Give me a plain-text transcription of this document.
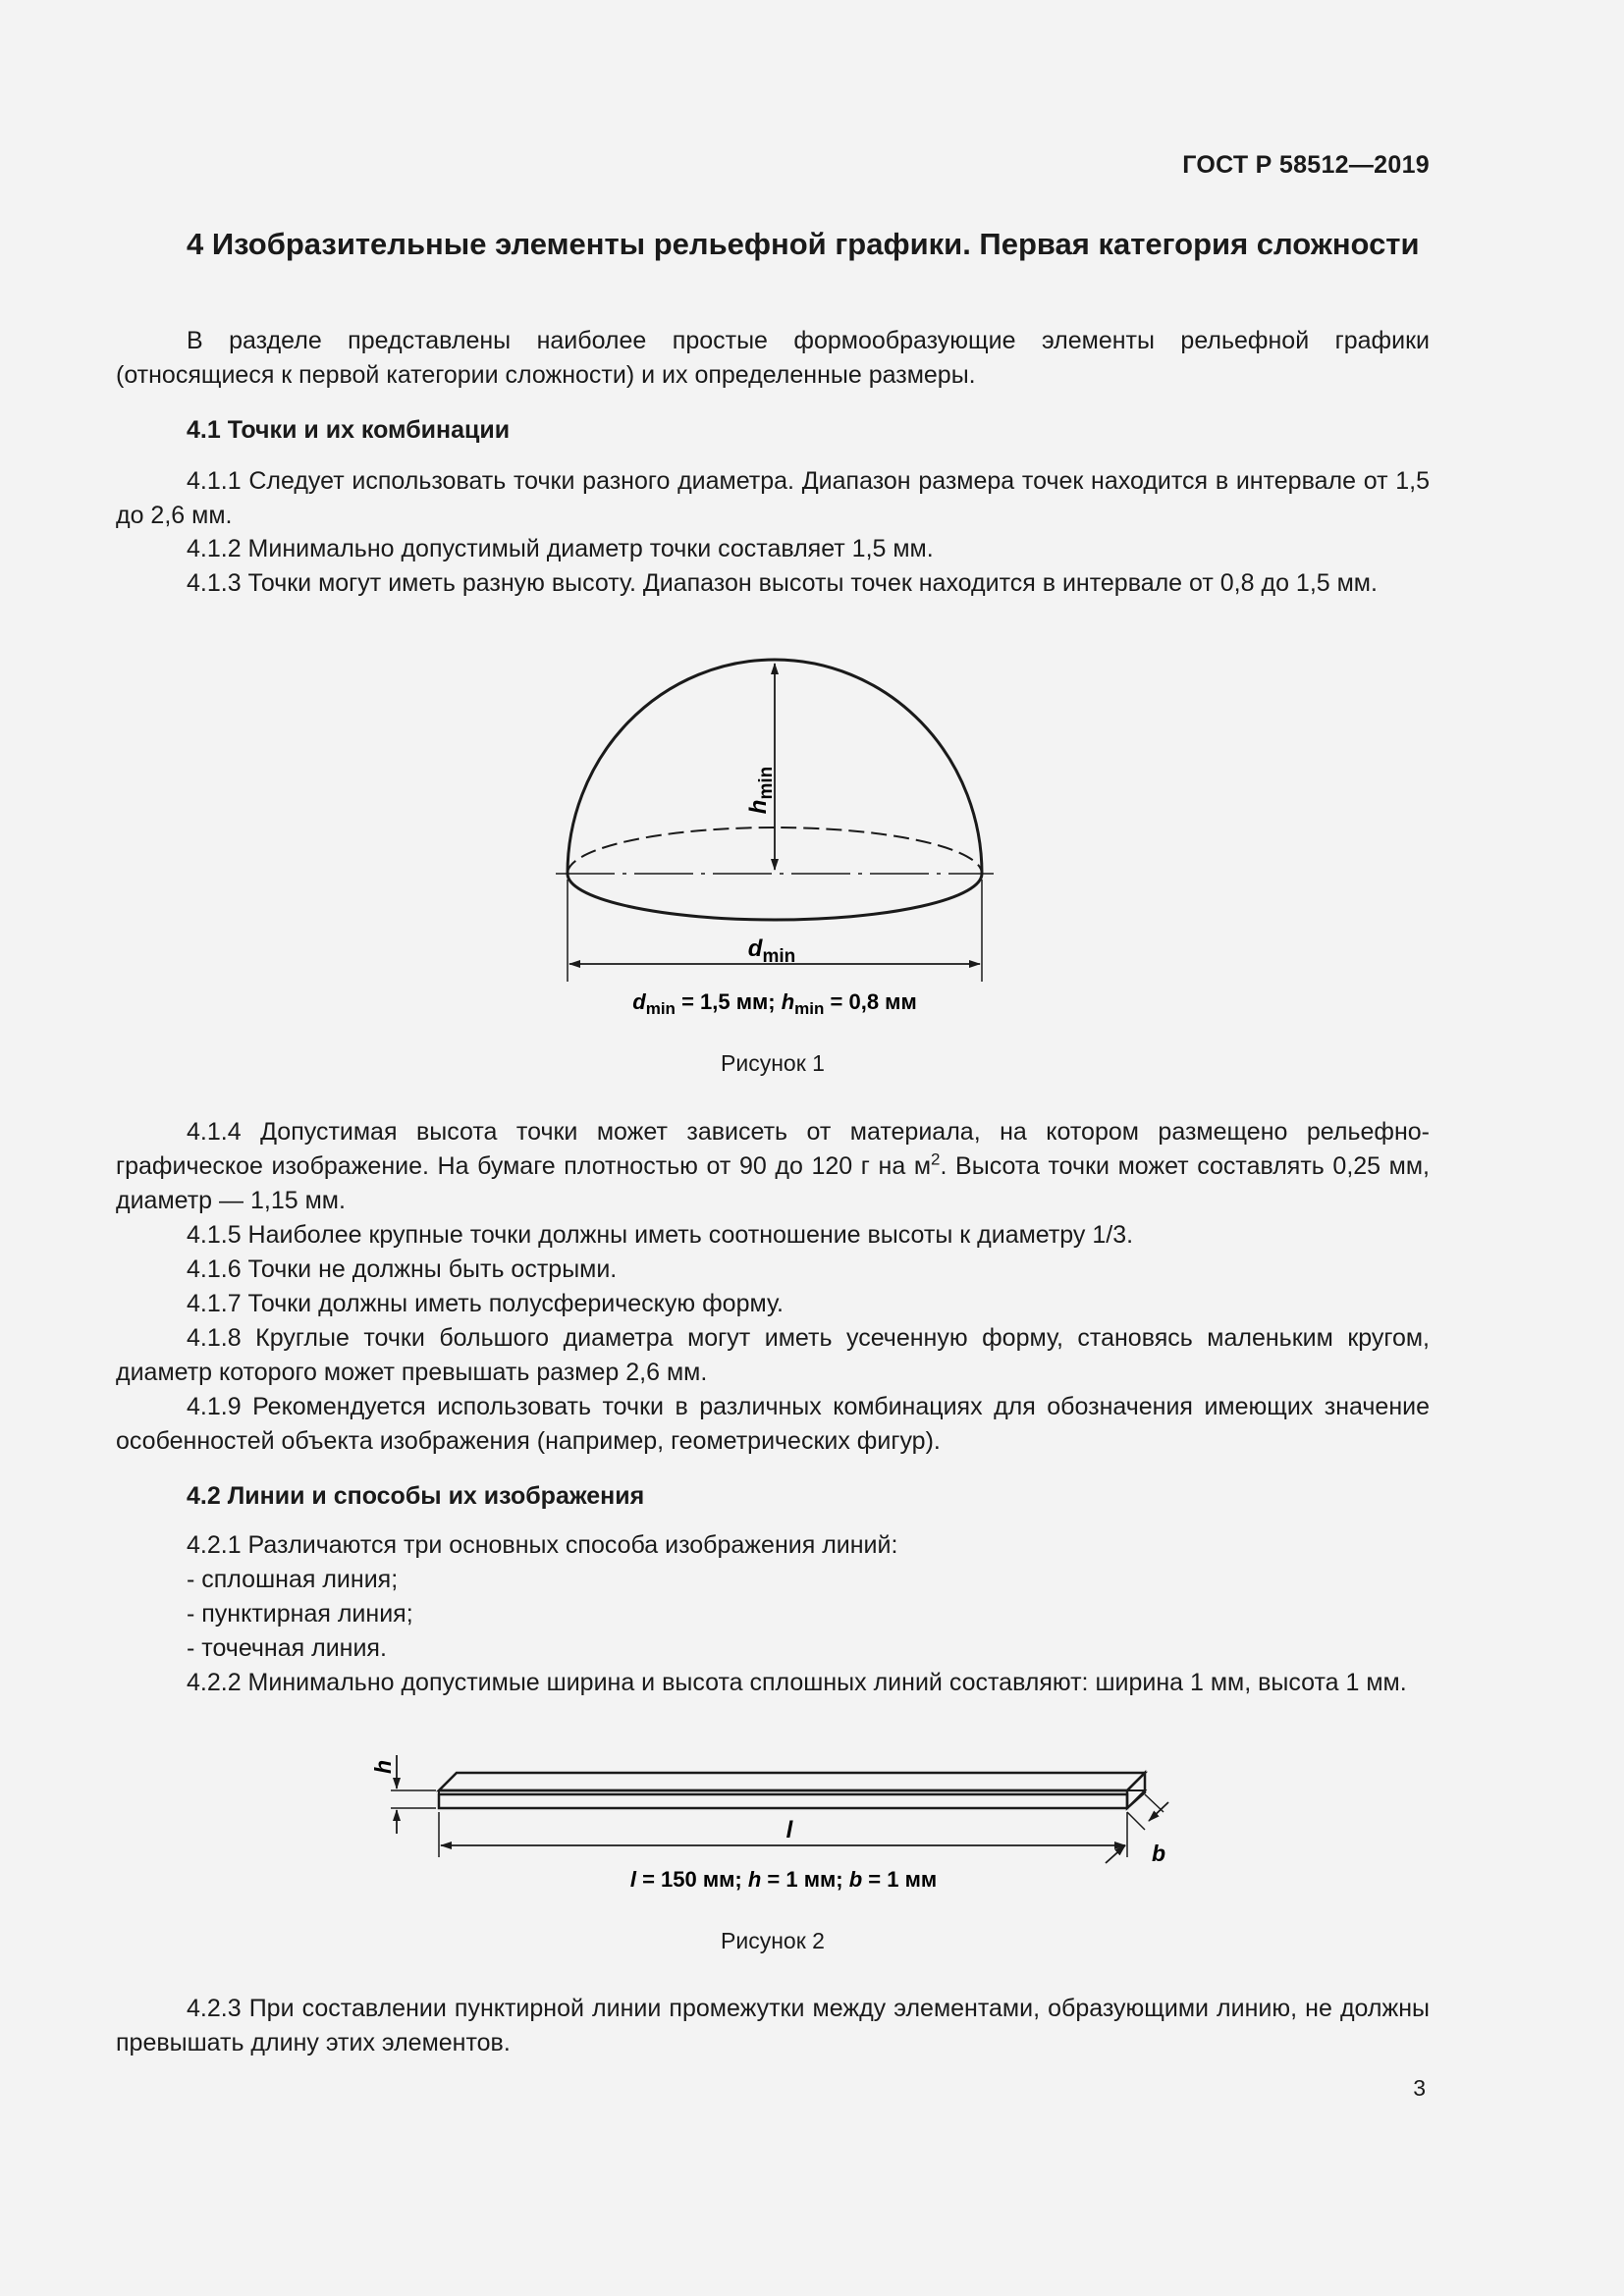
ГОСТ Р 58512—2019
4 Изобразительные элементы рельефной графики. Первая категория сложности
В разделе представлены наиболее простые формообразующие элементы рельефной графики (относящиеся к первой категории сложности) и их определенные размеры.
4.1 Точки и их комбинации
4.1.1 Следует использовать точки разного диаметра. Диапазон размера точек находится в интервале от 1,5 до 2,6 мм.
4.1.2 Минимально допустимый диаметр точки составляет 1,5 мм.
4.1.3 Точки могут иметь разную высоту. Диапазон высоты точек находится в интервале от 0,8 до 1,5 мм.
$h_{min}$
$d_{min}$
$d_{min} = 1,5$ мм; $h_{min} = 0,8$ мм
Рисунок 1
4.1.4 Допустимая высота точки может зависеть от материала, на котором размещено рельефнографическое изображение. На бумаге плотностью от 90 до 120 г на $м^2$. Высота точки может составлять 0,25 мм, диаметр — 1,15 мм.
4.1.5 Наиболее крупные точки должны иметь соотношение высоты к диаметру 1/3.
4.1.6 Точки не должны быть острыми.
4.1.7 Точки должны иметь полусферическую форму.
4.1.8 Круглые точки большого диаметра могут иметь усеченную форму, становясь маленьким кругом, диаметр которого может превышать размер 2,6 мм.
4.1.9 Рекомендуется использовать точки в различных комбинациях для обозначения имеющих значение особенностей объекта изображения (например, геометрических фигур).
4.2 Линии и способы их изображения
4.2.1 Различаются три основных способа изображения линий:
- сплошная линия;
- пунктирная линия;
- точечная линия.
4.2.2 Минимально допустимые ширина и высота сплошных линий составляют: ширина 1 мм, высота 1 мм.
h
l
b
l = 150 мм; h = 1 мм; b = 1 мм
Рисунок 2
4.2.3 При составлении пунктирной линии промежутки между элементами, образующими линию, не должны превышать длину этих элементов.
3
